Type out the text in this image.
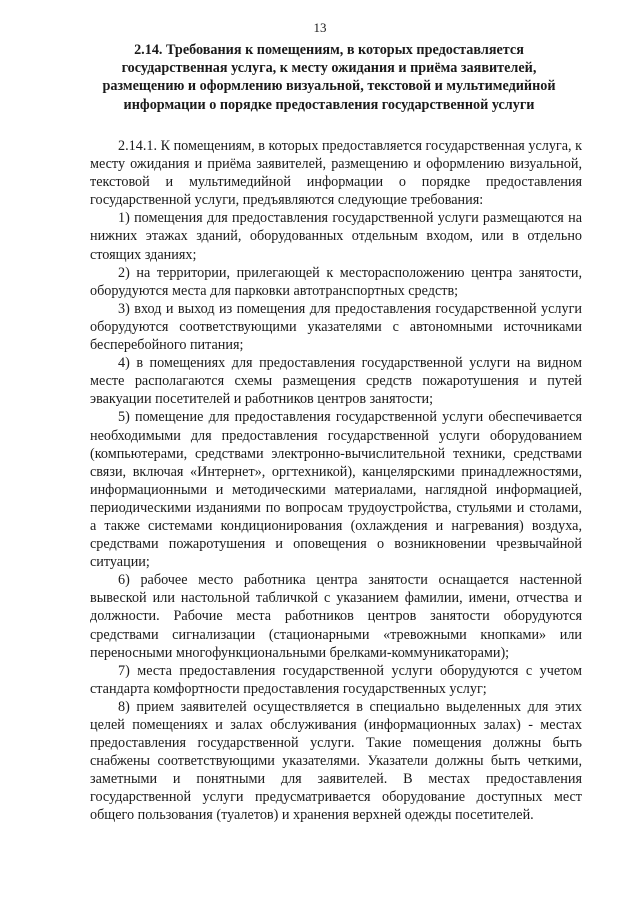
13
2.14. Требования к помещениям, в которых предоставляется государственная услуга, к месту ожидания и приёма заявителей, размещению и оформлению визуальной, текстовой и мультимедийной информации о порядке предоставления государственной услуги

2.14.1. К помещениям, в которых предоставляется государственная услуга, к месту ожидания и приёма заявителей, размещению и оформлению визуальной, текстовой и мультимедийной информации о порядке предоставления государственной услуги, предъявляются следующие требования:

1) помещения для предоставления государственной услуги размещаются на нижних этажах зданий, оборудованных отдельным входом, или в отдельно стоящих зданиях;

2) на территории, прилегающей к месторасположению центра занятости, оборудуются места для парковки автотранспортных средств;

3) вход и выход из помещения для предоставления государственной услуги оборудуются соответствующими указателями с автономными источниками бесперебойного питания;

4) в помещениях для предоставления государственной услуги на видном месте располагаются схемы размещения средств пожаротушения и путей эвакуации посетителей и работников центров занятости;

5) помещение для предоставления государственной услуги обеспечивается необходимыми для предоставления государственной услуги оборудованием (компьютерами, средствами электронно-вычислительной техники, средствами связи, включая «Интернет», оргтехникой), канцелярскими принадлежностями, информационными и методическими материалами, наглядной информацией, периодическими изданиями по вопросам трудоустройства, стульями и столами, а также системами кондиционирования (охлаждения и нагревания) воздуха, средствами пожаротушения и оповещения о возникновении чрезвычайной ситуации;

6) рабочее место работника центра занятости оснащается настенной вывеской или настольной табличкой с указанием фамилии, имени, отчества и должности. Рабочие места работников центров занятости оборудуются средствами сигнализации (стационарными «тревожными кнопками» или переносными многофункциональными брелками-коммуникаторами);

7) места предоставления государственной услуги оборудуются с учетом стандарта комфортности предоставления государственных услуг;

8) прием заявителей осуществляется в специально выделенных для этих целей помещениях и залах обслуживания (информационных залах) - местах предоставления государственной услуги. Такие помещения должны быть снабжены соответствующими указателями. Указатели должны быть четкими, заметными и понятными для заявителей. В местах предоставления государственной услуги предусматривается оборудование доступных мест общего пользования (туалетов) и хранения верхней одежды посетителей.
